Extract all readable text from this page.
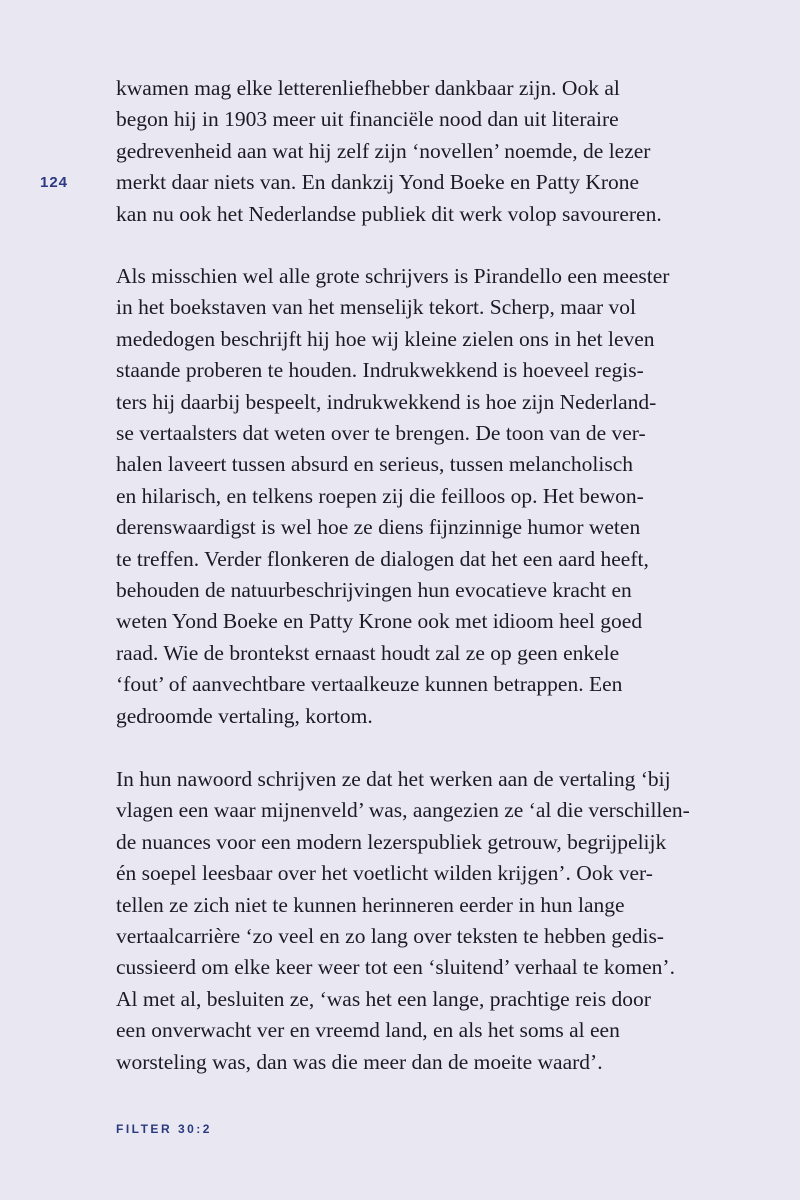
124
kwamen mag elke letterenliefhebber dankbaar zijn. Ook al
begon hij in 1903 meer uit financiële nood dan uit literaire
gedrevenheid aan wat hij zelf zijn ‘novellen’ noemde, de lezer
merkt daar niets van. En dankzij Yond Boeke en Patty Krone
kan nu ook het Nederlandse publiek dit werk volop savoureren.
Als misschien wel alle grote schrijvers is Pirandello een meester
in het boekstaven van het menselijk tekort. Scherp, maar vol
mededogen beschrijft hij hoe wij kleine zielen ons in het leven
staande proberen te houden. Indrukwekkend is hoeveel regis-
ters hij daarbij bespeelt, indrukwekkend is hoe zijn Nederland-
se vertaalsters dat weten over te brengen. De toon van de ver-
halen laveert tussen absurd en serieus, tussen melancholisch
en hilarisch, en telkens roepen zij die feilloos op. Het bewon-
derenswaardigst is wel hoe ze diens fijnzinnige humor weten
te treffen. Verder flonkeren de dialogen dat het een aard heeft,
behouden de natuurbeschrijvingen hun evocatieve kracht en
weten Yond Boeke en Patty Krone ook met idioom heel goed
raad. Wie de brontekst ernaast houdt zal ze op geen enkele
‘fout’ of aanvechtbare vertaalkeuze kunnen betrappen. Een
gedroomde vertaling, kortom.
In hun nawoord schrijven ze dat het werken aan de vertaling ‘bij
vlagen een waar mijnenveld’ was, aangezien ze ‘al die verschillen-
de nuances voor een modern lezerspubliek getrouw, begrijpelijk
én soepel leesbaar over het voetlicht wilden krijgen’. Ook ver-
tellen ze zich niet te kunnen herinneren eerder in hun lange
vertaalcarrière ‘zo veel en zo lang over teksten te hebben gedis-
cussieerd om elke keer weer tot een ‘sluitend’ verhaal te komen’.
Al met al, besluiten ze, ‘was het een lange, prachtige reis door
een onverwacht ver en vreemd land, en als het soms al een
worsteling was, dan was die meer dan de moeite waard’.
FILTER 30:2
